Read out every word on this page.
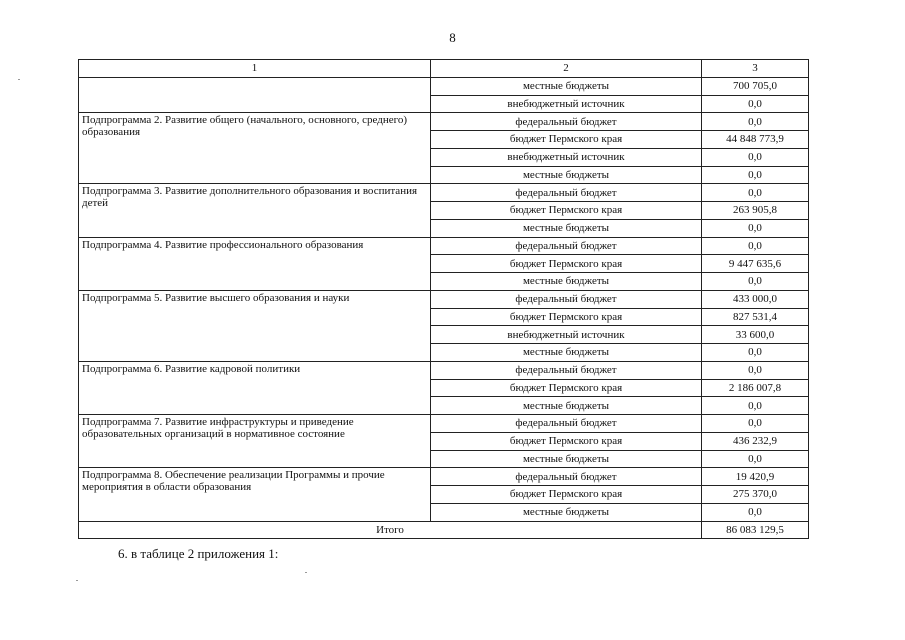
8
1	2	3
	местные бюджеты	700 705,0
	внебюджетный источник	0,0
Подпрограмма 2. Развитие общего (начального, основного, среднего) образования	федеральный бюджет	0,0
	бюджет Пермского края	44 848 773,9
	внебюджетный источник	0,0
	местные бюджеты	0,0
Подпрограмма 3. Развитие дополнительного образования и воспитания детей	федеральный бюджет	0,0
	бюджет Пермского края	263 905,8
	местные бюджеты	0,0
Подпрограмма 4. Развитие профессионального образования	федеральный бюджет	0,0
	бюджет Пермского края	9 447 635,6
	местные бюджеты	0,0
Подпрограмма 5. Развитие высшего образования и науки	федеральный бюджет	433 000,0
	бюджет Пермского края	827 531,4
	внебюджетный источник	33 600,0
	местные бюджеты	0,0
Подпрограмма 6. Развитие кадровой политики	федеральный бюджет	0,0
	бюджет Пермского края	2 186 007,8
	местные бюджеты	0,0
Подпрограмма 7. Развитие инфраструктуры и приведение образовательных организаций в нормативное состояние	федеральный бюджет	0,0
	бюджет Пермского края	436 232,9
	местные бюджеты	0,0
Подпрограмма 8. Обеспечение реализации Программы и прочие мероприятия в области образования	федеральный бюджет	19 420,9
	бюджет Пермского края	275 370,0
	местные бюджеты	0,0
Итого		86 083 129,5
6. в таблице 2 приложения 1:
